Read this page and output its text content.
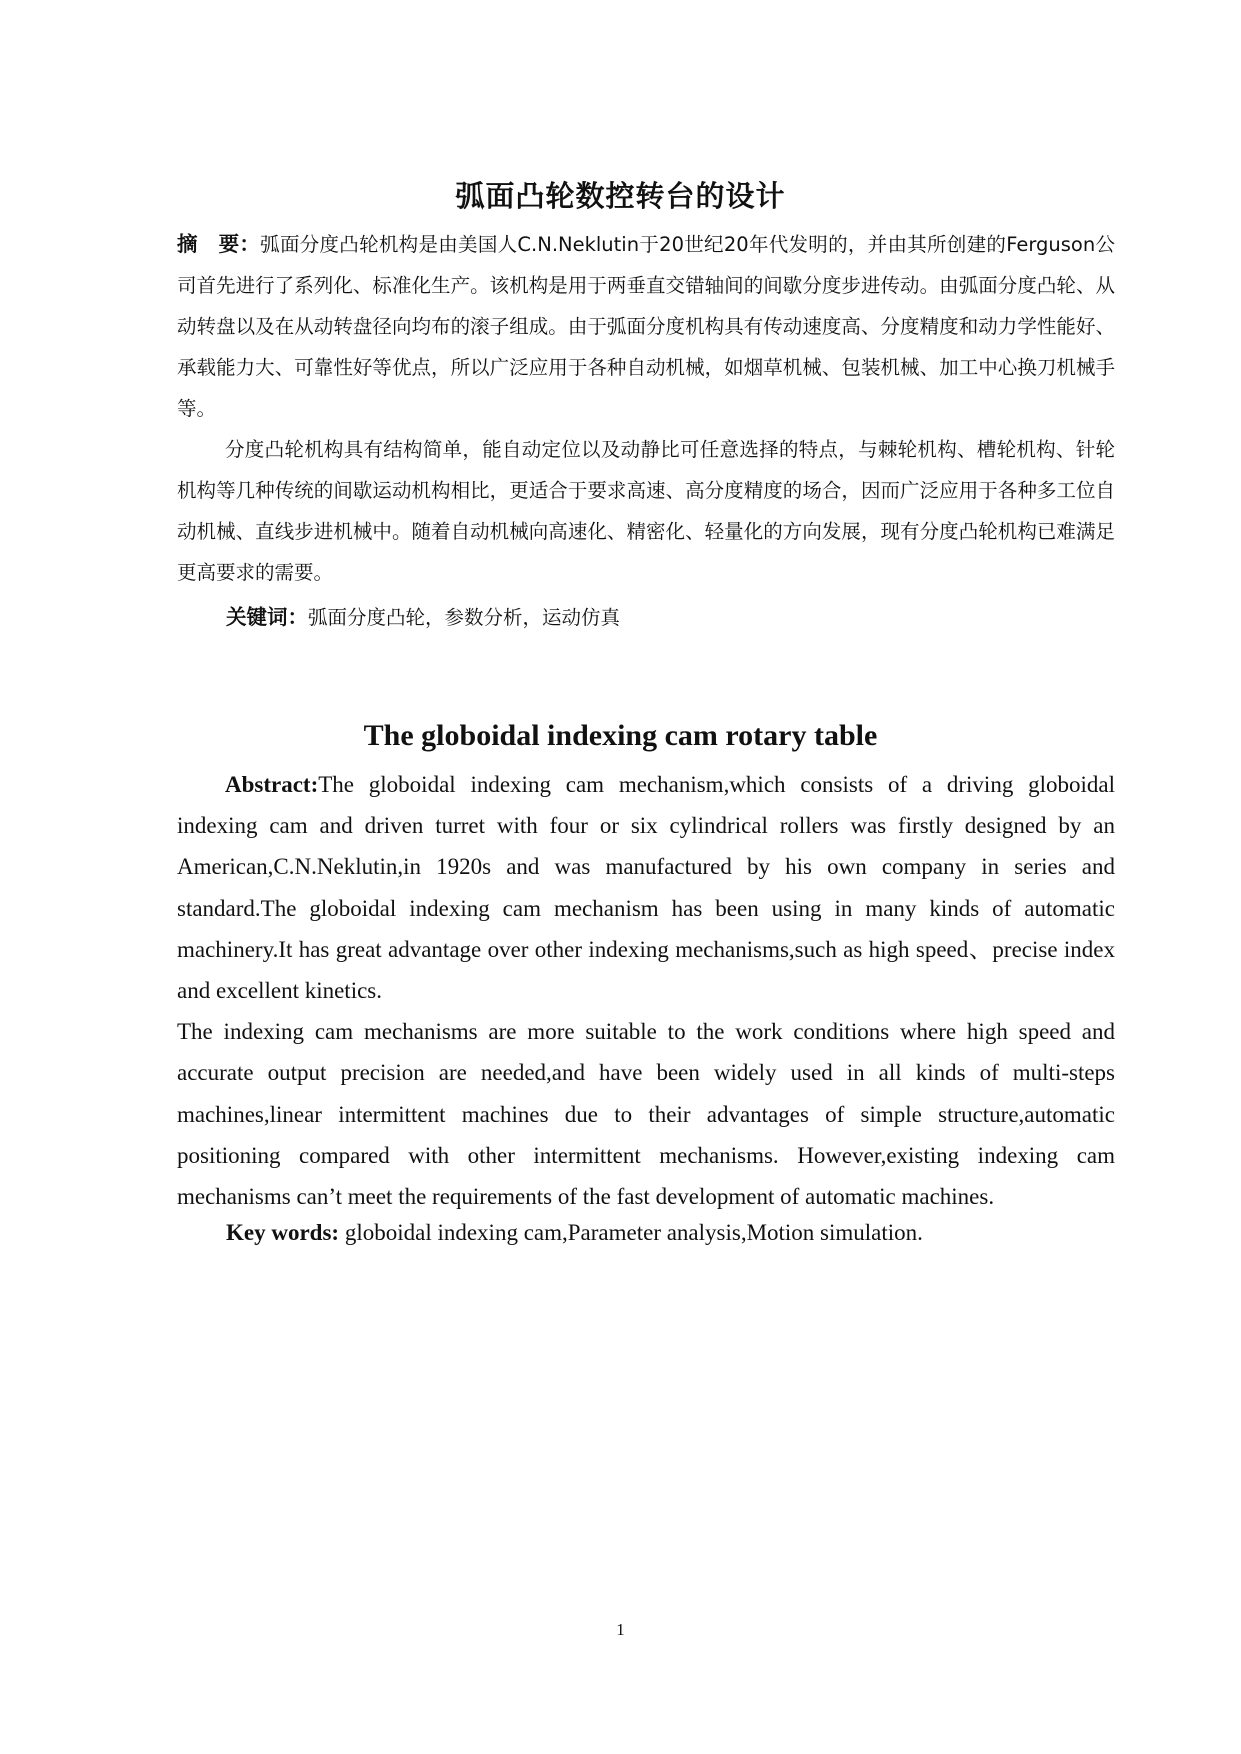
弧面凸轮数控转台的设计

摘　要：弧面分度凸轮机构是由美国人C.N.Neklutin于20世纪20年代发明的，并由其所创建的Ferguson公司首先进行了系列化、标准化生产。该机构是用于两垂直交错轴间的间歇分度步进传动。由弧面分度凸轮、从动转盘以及在从动转盘径向均布的滚子组成。由于弧面分度机构具有传动速度高、分度精度和动力学性能好、承载能力大、可靠性好等优点，所以广泛应用于各种自动机械，如烟草机械、包装机械、加工中心换刀机械手等。

分度凸轮机构具有结构简单，能自动定位以及动静比可任意选择的特点，与棘轮机构、槽轮机构、针轮机构等几种传统的间歇运动机构相比，更适合于要求高速、高分度精度的场合，因而广泛应用于各种多工位自动机械、直线步进机械中。随着自动机械向高速化、精密化、轻量化的方向发展，现有分度凸轮机构已难满足更高要求的需要。

关键词：弧面分度凸轮，参数分析，运动仿真
The globoidal indexing cam rotary table

Abstract:The globoidal indexing cam mechanism,which consists of a driving globoidal indexing cam and driven turret with four or six cylindrical rollers was firstly designed by an American,C.N.Neklutin,in 1920s and was manufactured by his own company in series and standard.The globoidal indexing cam mechanism has been using in many kinds of automatic machinery.It has great advantage over other indexing mechanisms,such as high speed、precise index and excellent kinetics.

The indexing cam mechanisms are more suitable to the work conditions where high speed and accurate output precision are needed,and have been widely used in all kinds of multi-steps machines,linear intermittent machines due to their advantages of simple structure,automatic positioning compared with other intermittent mechanisms. However,existing indexing cam mechanisms can’t meet the requirements of the fast development of automatic machines.

Key words: globoidal indexing cam,Parameter analysis,Motion simulation.
1
